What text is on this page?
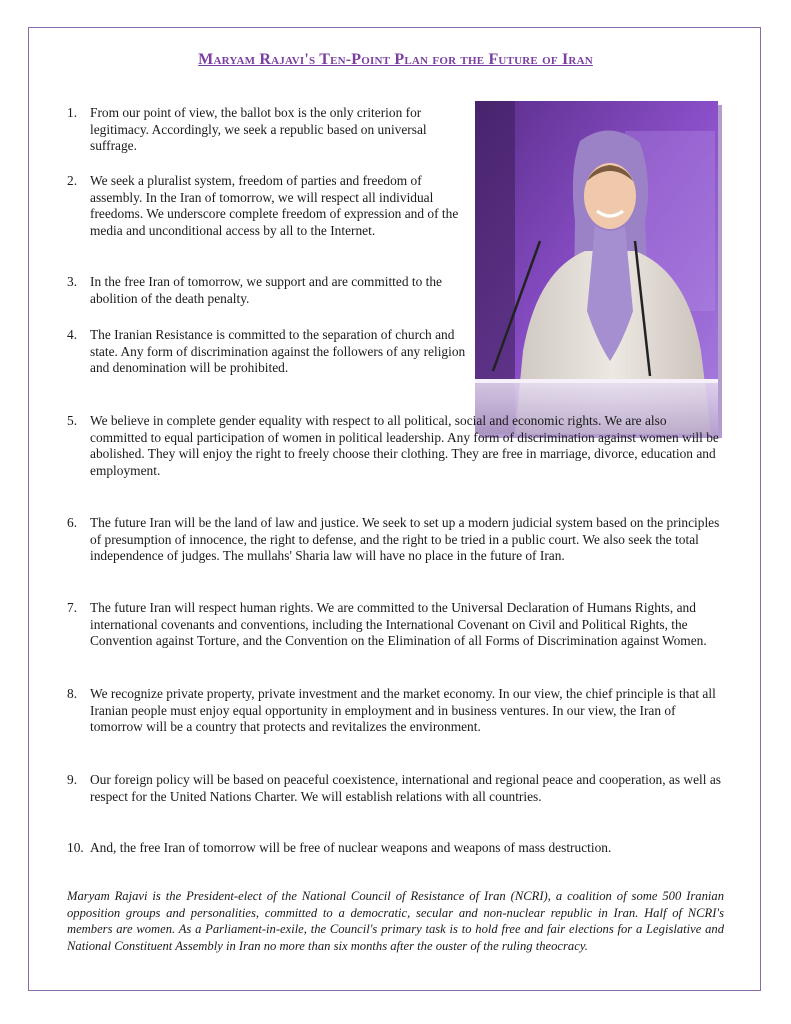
Maryam Rajavi's Ten-Point Plan for the Future of Iran
1. From our point of view, the ballot box is the only criterion for legitimacy. Accordingly, we seek a republic based on universal suffrage.
2. We seek a pluralist system, freedom of parties and freedom of assembly. In the Iran of tomorrow, we will respect all individual freedoms. We underscore complete freedom of expression and of the media and unconditional access by all to the Internet.
3. In the free Iran of tomorrow, we support and are committed to the abolition of the death penalty.
4. The Iranian Resistance is committed to the separation of church and state. Any form of discrimination against the followers of any religion and denomination will be prohibited.
5. We believe in complete gender equality with respect to all political, social and economic rights. We are also committed to equal participation of women in political leadership. Any form of discrimination against women will be abolished. They will enjoy the right to freely choose their clothing. They are free in marriage, divorce, education and employment.
6. The future Iran will be the land of law and justice. We seek to set up a modern judicial system based on the principles of presumption of innocence, the right to defense, and the right to be tried in a public court. We also seek the total independence of judges. The mullahs' Sharia law will have no place in the future of Iran.
7. The future Iran will respect human rights. We are committed to the Universal Declaration of Humans Rights, and international covenants and conventions, including the International Covenant on Civil and Political Rights, the Convention against Torture, and the Convention on the Elimination of all Forms of Discrimination against Women.
8. We recognize private property, private investment and the market economy. In our view, the chief principle is that all Iranian people must enjoy equal opportunity in employment and in business ventures. In our view, the Iran of tomorrow will be a country that protects and revitalizes the environment.
9. Our foreign policy will be based on peaceful coexistence, international and regional peace and cooperation, as well as respect for the United Nations Charter. We will establish relations with all countries.
10. And, the free Iran of tomorrow will be free of nuclear weapons and weapons of mass destruction.

Maryam Rajavi is the President-elect of the National Council of Resistance of Iran (NCRI), a coalition of some 500 Iranian opposition groups and personalities, committed to a democratic, secular and non-nuclear republic in Iran. Half of NCRI's members are women. As a Parliament-in-exile, the Council's primary task is to hold free and fair elections for a Legislative and National Constituent Assembly in Iran no more than six months after the ouster of the ruling theocracy.
